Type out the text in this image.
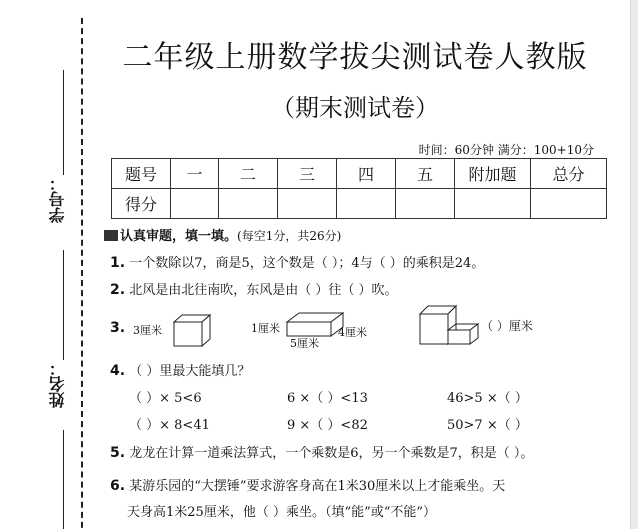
学号：
姓名：
二年级上册数学拔尖测试卷人教版
（期末测试卷）
时间：60分钟 满分：100+10分
题号	一	二	三	四	五	附加题	总分
得分							
认真审题，填一填。(每空1分，共26分)
1. 一个数除以7，商是5，这个数是（ ）；4与（ ）的乘积是24。
2. 北风是由北往南吹，东风是由（ ）往（ ）吹。
3. 3厘米	1厘米	4厘米
5厘米
（ ）厘米
4. （ ）里最大能填几？
（ ）× 5<6	6 ×（ ）<13	46>5 ×（ ）
（ ）× 8<41	9 ×（ ）<82	50>7 ×（ ）
5. 龙龙在计算一道乘法算式，一个乘数是6，另一个乘数是7，积是（ ）。
6. 某游乐园的“大摆锤”要求游客身高在1米30厘米以上才能乘坐。天
天身高1米25厘米，他（ ）乘坐。（填“能”或“不能”）
